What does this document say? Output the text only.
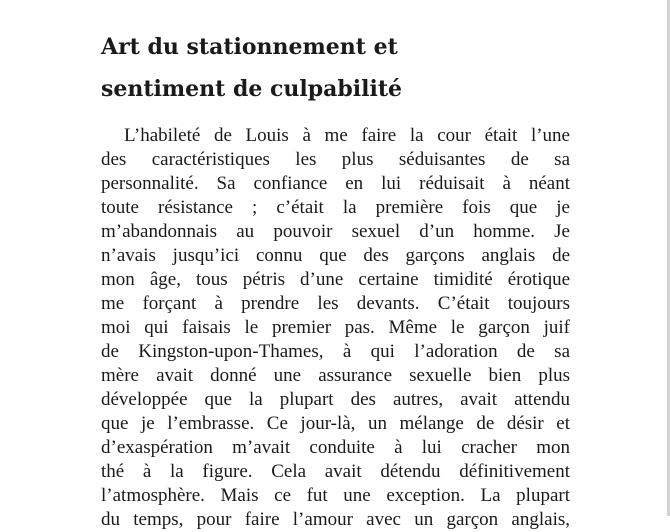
Art du stationnement et
sentiment de culpabilité
L’habileté de Louis à me faire la cour était l’une
des caractéristiques les plus séduisantes de sa
personnalité. Sa confiance en lui réduisait à néant
toute résistance ; c’était la première fois que je
m’abandonnais au pouvoir sexuel d’un homme. Je
n’avais jusqu’ici connu que des garçons anglais de
mon âge, tous pétris d’une certaine timidité érotique
me forçant à prendre les devants. C’était toujours
moi qui faisais le premier pas. Même le garçon juif
de Kingston-upon-Thames, à qui l’adoration de sa
mère avait donné une assurance sexuelle bien plus
développée que la plupart des autres, avait attendu
que je l’embrasse. Ce jour-là, un mélange de désir et
d’exaspération m’avait conduite à lui cracher mon
thé à la figure. Cela avait détendu définitivement
l’atmosphère. Mais ce fut une exception. La plupart
du temps, pour faire l’amour avec un garçon anglais,
